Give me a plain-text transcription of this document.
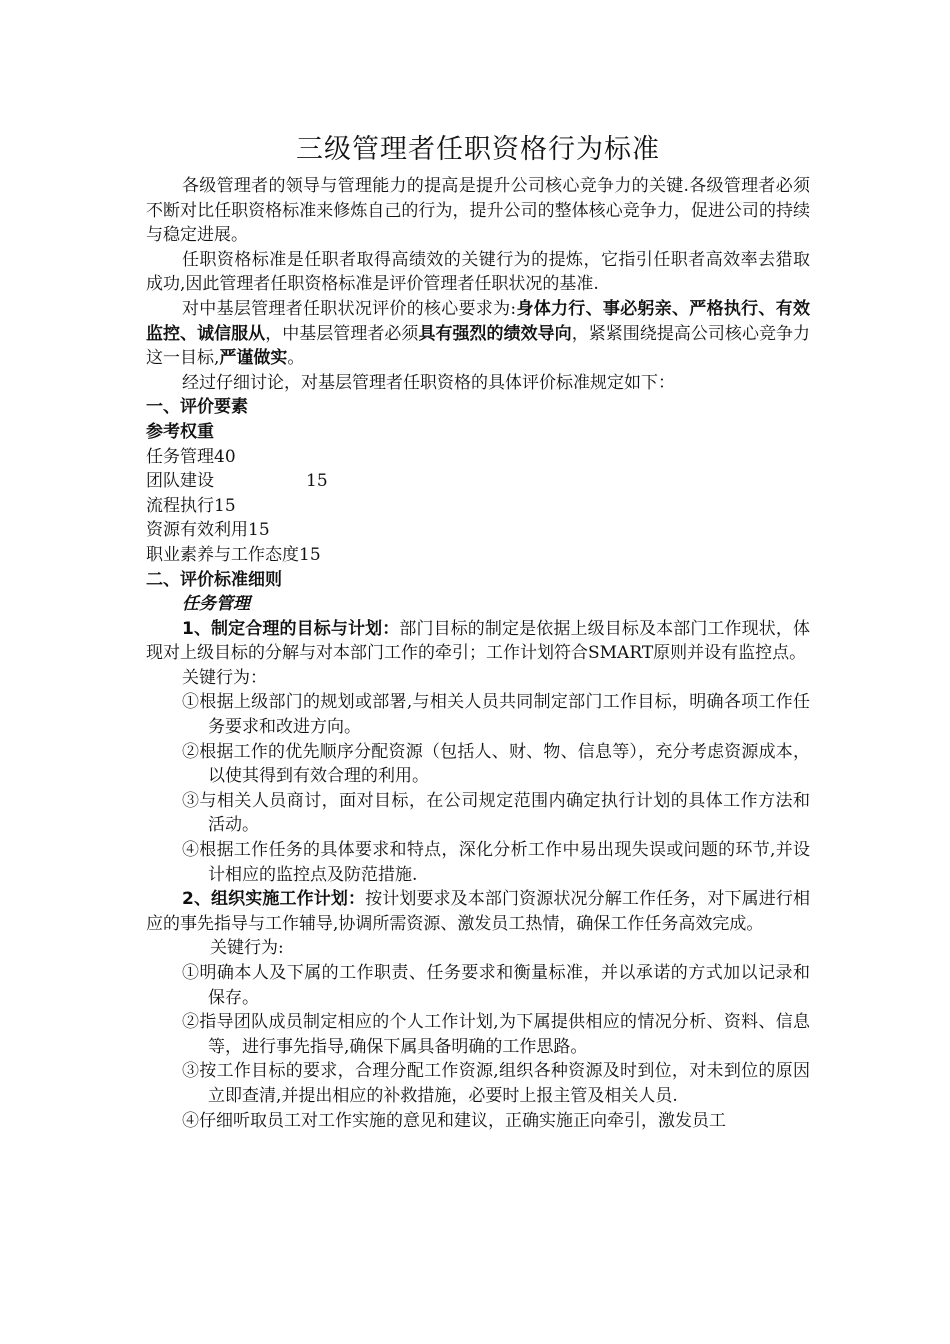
三级管理者任职资格行为标准

各级管理者的领导与管理能力的提高是提升公司核心竞争力的关键.各级管理者必须不断对比任职资格标准来修炼自己的行为，提升公司的整体核心竞争力，促进公司的持续与稳定进展。

任职资格标准是任职者取得高绩效的关键行为的提炼，它指引任职者高效率去猎取成功,因此管理者任职资格标准是评价管理者任职状况的基准.

对中基层管理者任职状况评价的核心要求为:身体力行、事必躬亲、严格执行、有效监控、诚信服从，中基层管理者必须具有强烈的绩效导向，紧紧围绕提高公司核心竞争力这一目标,严谨做实。

经过仔细讨论，对基层管理者任职资格的具体评价标准规定如下：

一、评价要素

参考权重

任务管理 40

团队建设	15

流程执行 15

资源有效利用 15

职业素养与工作态度 15

二、评价标准细则

任务管理

1、制定合理的目标与计划：部门目标的制定是依据上级目标及本部门工作现状，体现对上级目标的分解与对本部门工作的牵引；工作计划符合SMART原则并设有监控点。

关键行为：

①根据上级部门的规划或部署,与相关人员共同制定部门工作目标，明确各项工作任务要求和改进方向。

②根据工作的优先顺序分配资源（包括人、财、物、信息等），充分考虑资源成本，以使其得到有效合理的利用。

③与相关人员商讨，面对目标，在公司规定范围内确定执行计划的具体工作方法和活动。

④根据工作任务的具体要求和特点，深化分析工作中易出现失误或问题的环节,并设计相应的监控点及防范措施.

2、组织实施工作计划：按计划要求及本部门资源状况分解工作任务，对下属进行相应的事先指导与工作辅导,协调所需资源、激发员工热情，确保工作任务高效完成。

关键行为:

①明确本人及下属的工作职责、任务要求和衡量标准，并以承诺的方式加以记录和保存。

②指导团队成员制定相应的个人工作计划,为下属提供相应的情况分析、资料、信息等，进行事先指导,确保下属具备明确的工作思路。

③按工作目标的要求，合理分配工作资源,组织各种资源及时到位，对未到位的原因立即查清,并提出相应的补救措施，必要时上报主管及相关人员.

④仔细听取员工对工作实施的意见和建议，正确实施正向牵引，激发员工
